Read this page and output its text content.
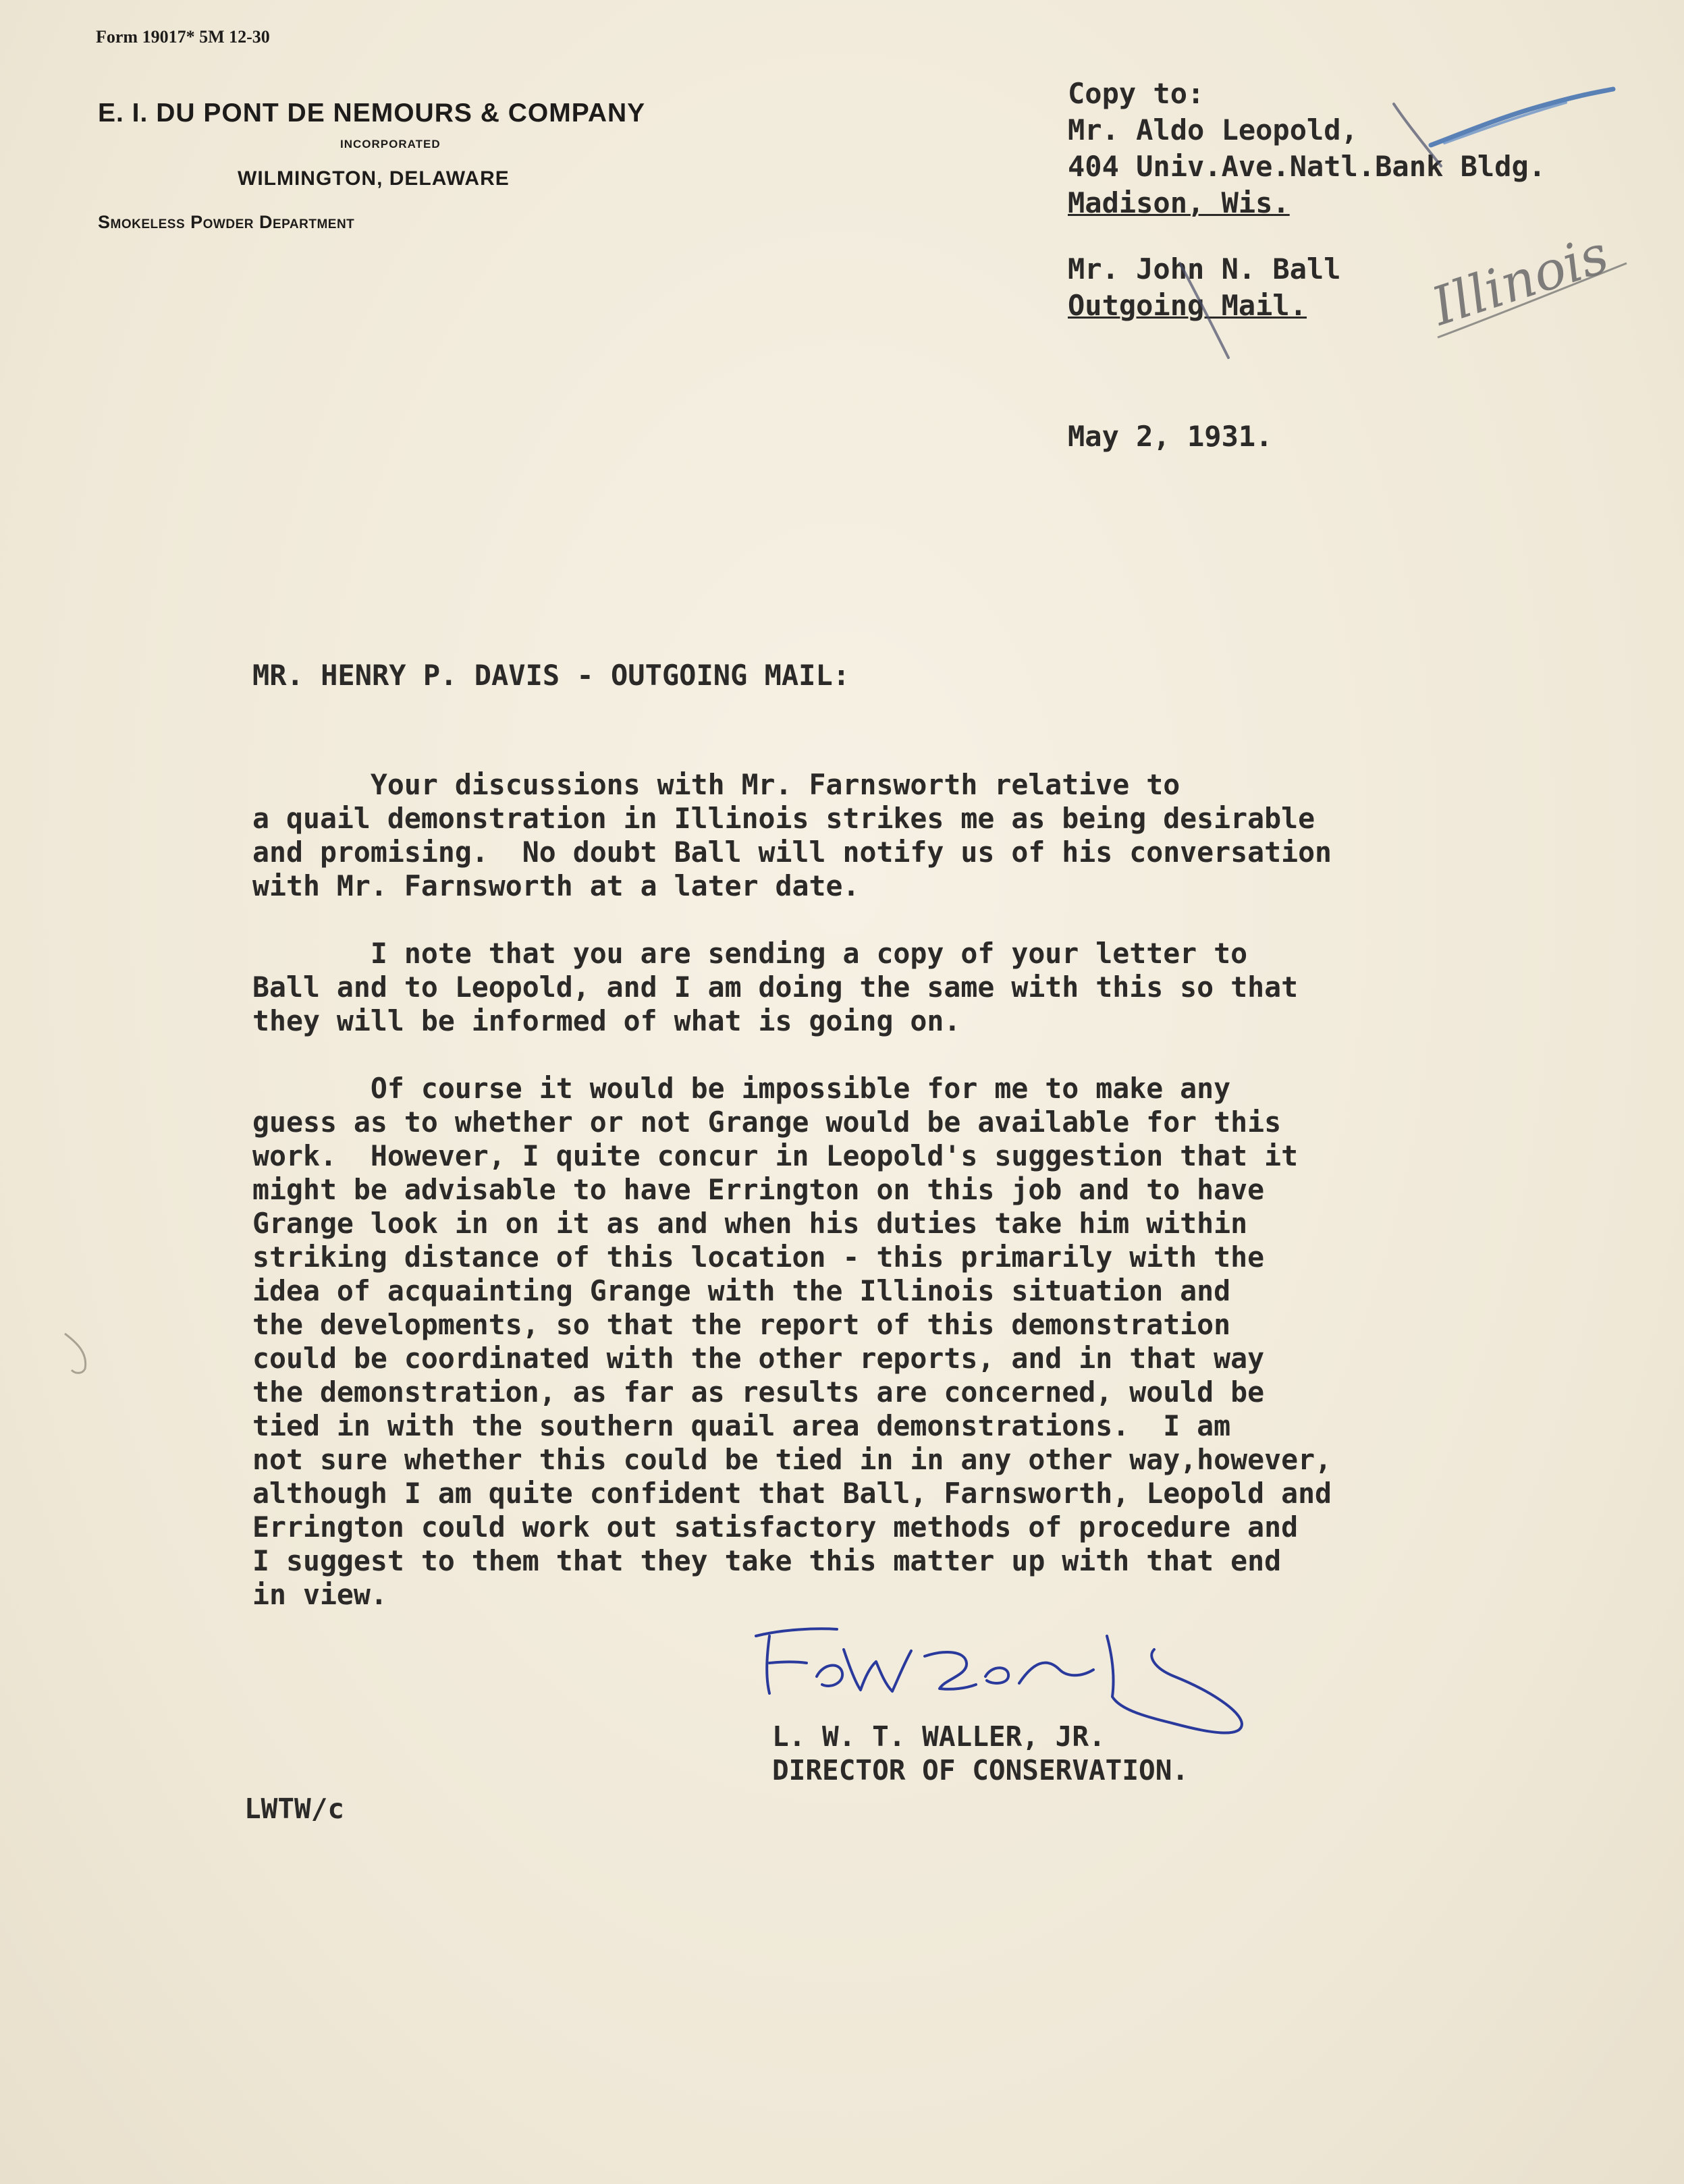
Form 19017* 5M 12-30
E. I. DU PONT DE NEMOURS & COMPANY
INCORPORATED
WILMINGTON, DELAWARE
Smokeless Powder Department
Copy to:
Mr. Aldo Leopold,
404 Univ.Ave.Natl.Bank Bldg.
Madison, Wis.
Mr. John N. Ball
Outgoing Mail.	Illinois
May 2, 1931.
MR. HENRY P. DAVIS - OUTGOING MAIL:
Your discussions with Mr. Farnsworth relative to
a quail demonstration in Illinois strikes me as being desirable
and promising.  No doubt Ball will notify us of his conversation
with Mr. Farnsworth at a later date.
I note that you are sending a copy of your letter to
Ball and to Leopold, and I am doing the same with this so that
they will be informed of what is going on.
Of course it would be impossible for me to make any
guess as to whether or not Grange would be available for this
work.  However, I quite concur in Leopold's suggestion that it
might be advisable to have Errington on this job and to have
Grange look in on it as and when his duties take him within
striking distance of this location - this primarily with the
idea of acquainting Grange with the Illinois situation and
the developments, so that the report of this demonstration
could be coordinated with the other reports, and in that way
the demonstration, as far as results are concerned, would be
tied in with the southern quail area demonstrations.  I am
not sure whether this could be tied in in any other way,however,
although I am quite confident that Ball, Farnsworth, Leopold and
Errington could work out satisfactory methods of procedure and
I suggest to them that they take this matter up with that end
in view.
L. W. T. WALLER, JR.
DIRECTOR OF CONSERVATION.
LWTW/c
